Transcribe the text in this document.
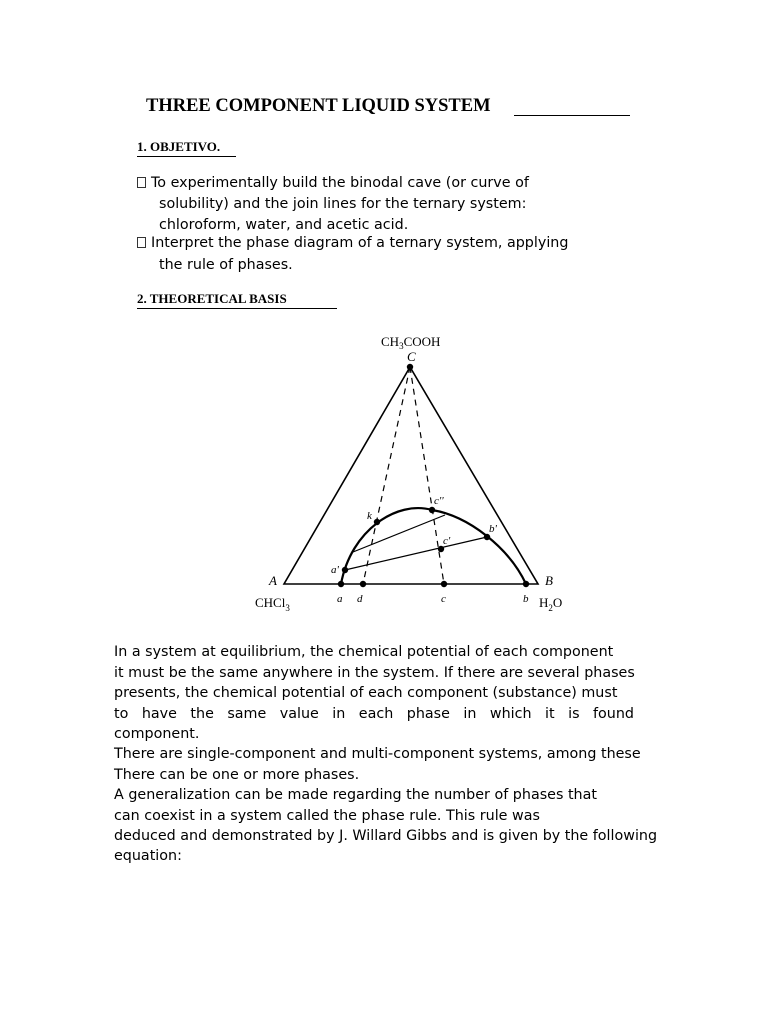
THREE COMPONENT LIQUID SYSTEM
1. OBJETIVO.
To experimentally build the binodal cave (or curve of
solubility) and the join lines for the ternary system:
chloroform, water, and acetic acid.
Interpret the phase diagram of a ternary system, applying
the rule of phases.
2. THEORETICAL BASIS
$CH_3COOH$
C
A	B
CHCl$_3$	$H_2O$
a d	c	b
k
c''
b'
c'
a'
In a system at equilibrium, the chemical potential of each component
it must be the same anywhere in the system. If there are several phases
presents, the chemical potential of each component (substance) must
to have the same value in each phase in which it is found
component.
There are single-component and multi-component systems, among these
There can be one or more phases.
A generalization can be made regarding the number of phases that
can coexist in a system called the phase rule. This rule was
deduced and demonstrated by J. Willard Gibbs and is given by the following
equation:
